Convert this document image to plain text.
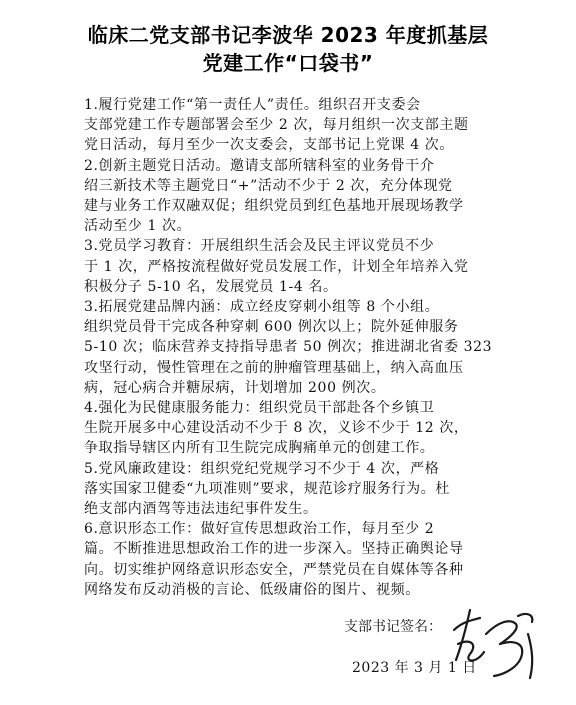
临床二党支部书记李波华 2023 年度抓基层
党建工作“口袋书”
1.履行党建工作“第一责任人”责任。组织召开支委会
支部党建工作专题部署会至少 2 次，每月组织一次支部主题
党日活动，每月至少一次支委会，支部书记上党课 4 次。
2.创新主题党日活动。邀请支部所辖科室的业务骨干介
绍三新技术等主题党日“+”活动不少于 2 次，充分体现党
建与业务工作双融双促；组织党员到红色基地开展现场教学
活动至少 1 次。
3.党员学习教育：开展组织生活会及民主评议党员不少
于 1 次，严格按流程做好党员发展工作，计划全年培养入党
积极分子 5-10 名，发展党员 1-4 名。
3.拓展党建品牌内涵：成立经皮穿刺小组等 8 个小组。
组织党员骨干完成各种穿刺 600 例次以上；院外延伸服务
5-10 次；临床营养支持指导患者 50 例次；推进湖北省委 323
攻坚行动，慢性管理在之前的肿瘤管理基础上，纳入高血压
病，冠心病合并糖尿病，计划增加 200 例次。
4.强化为民健康服务能力：组织党员干部赴各个乡镇卫
生院开展多中心建设活动不少于 8 次，义诊不少于 12 次，
争取指导辖区内所有卫生院完成胸痛单元的创建工作。
5.党风廉政建设：组织党纪党规学习不少于 4 次，严格
落实国家卫健委“九项准则”要求，规范诊疗服务行为。杜
绝支部内酒驾等违法违纪事件发生。
6.意识形态工作：做好宣传思想政治工作，每月至少 2
篇。不断推进思想政治工作的进一步深入。坚持正确舆论导
向。切实维护网络意识形态安全，严禁党员在自媒体等各种
网络发布反动消极的言论、低级庸俗的图片、视频。
支部书记签名：
2023 年 3 月 1 日
